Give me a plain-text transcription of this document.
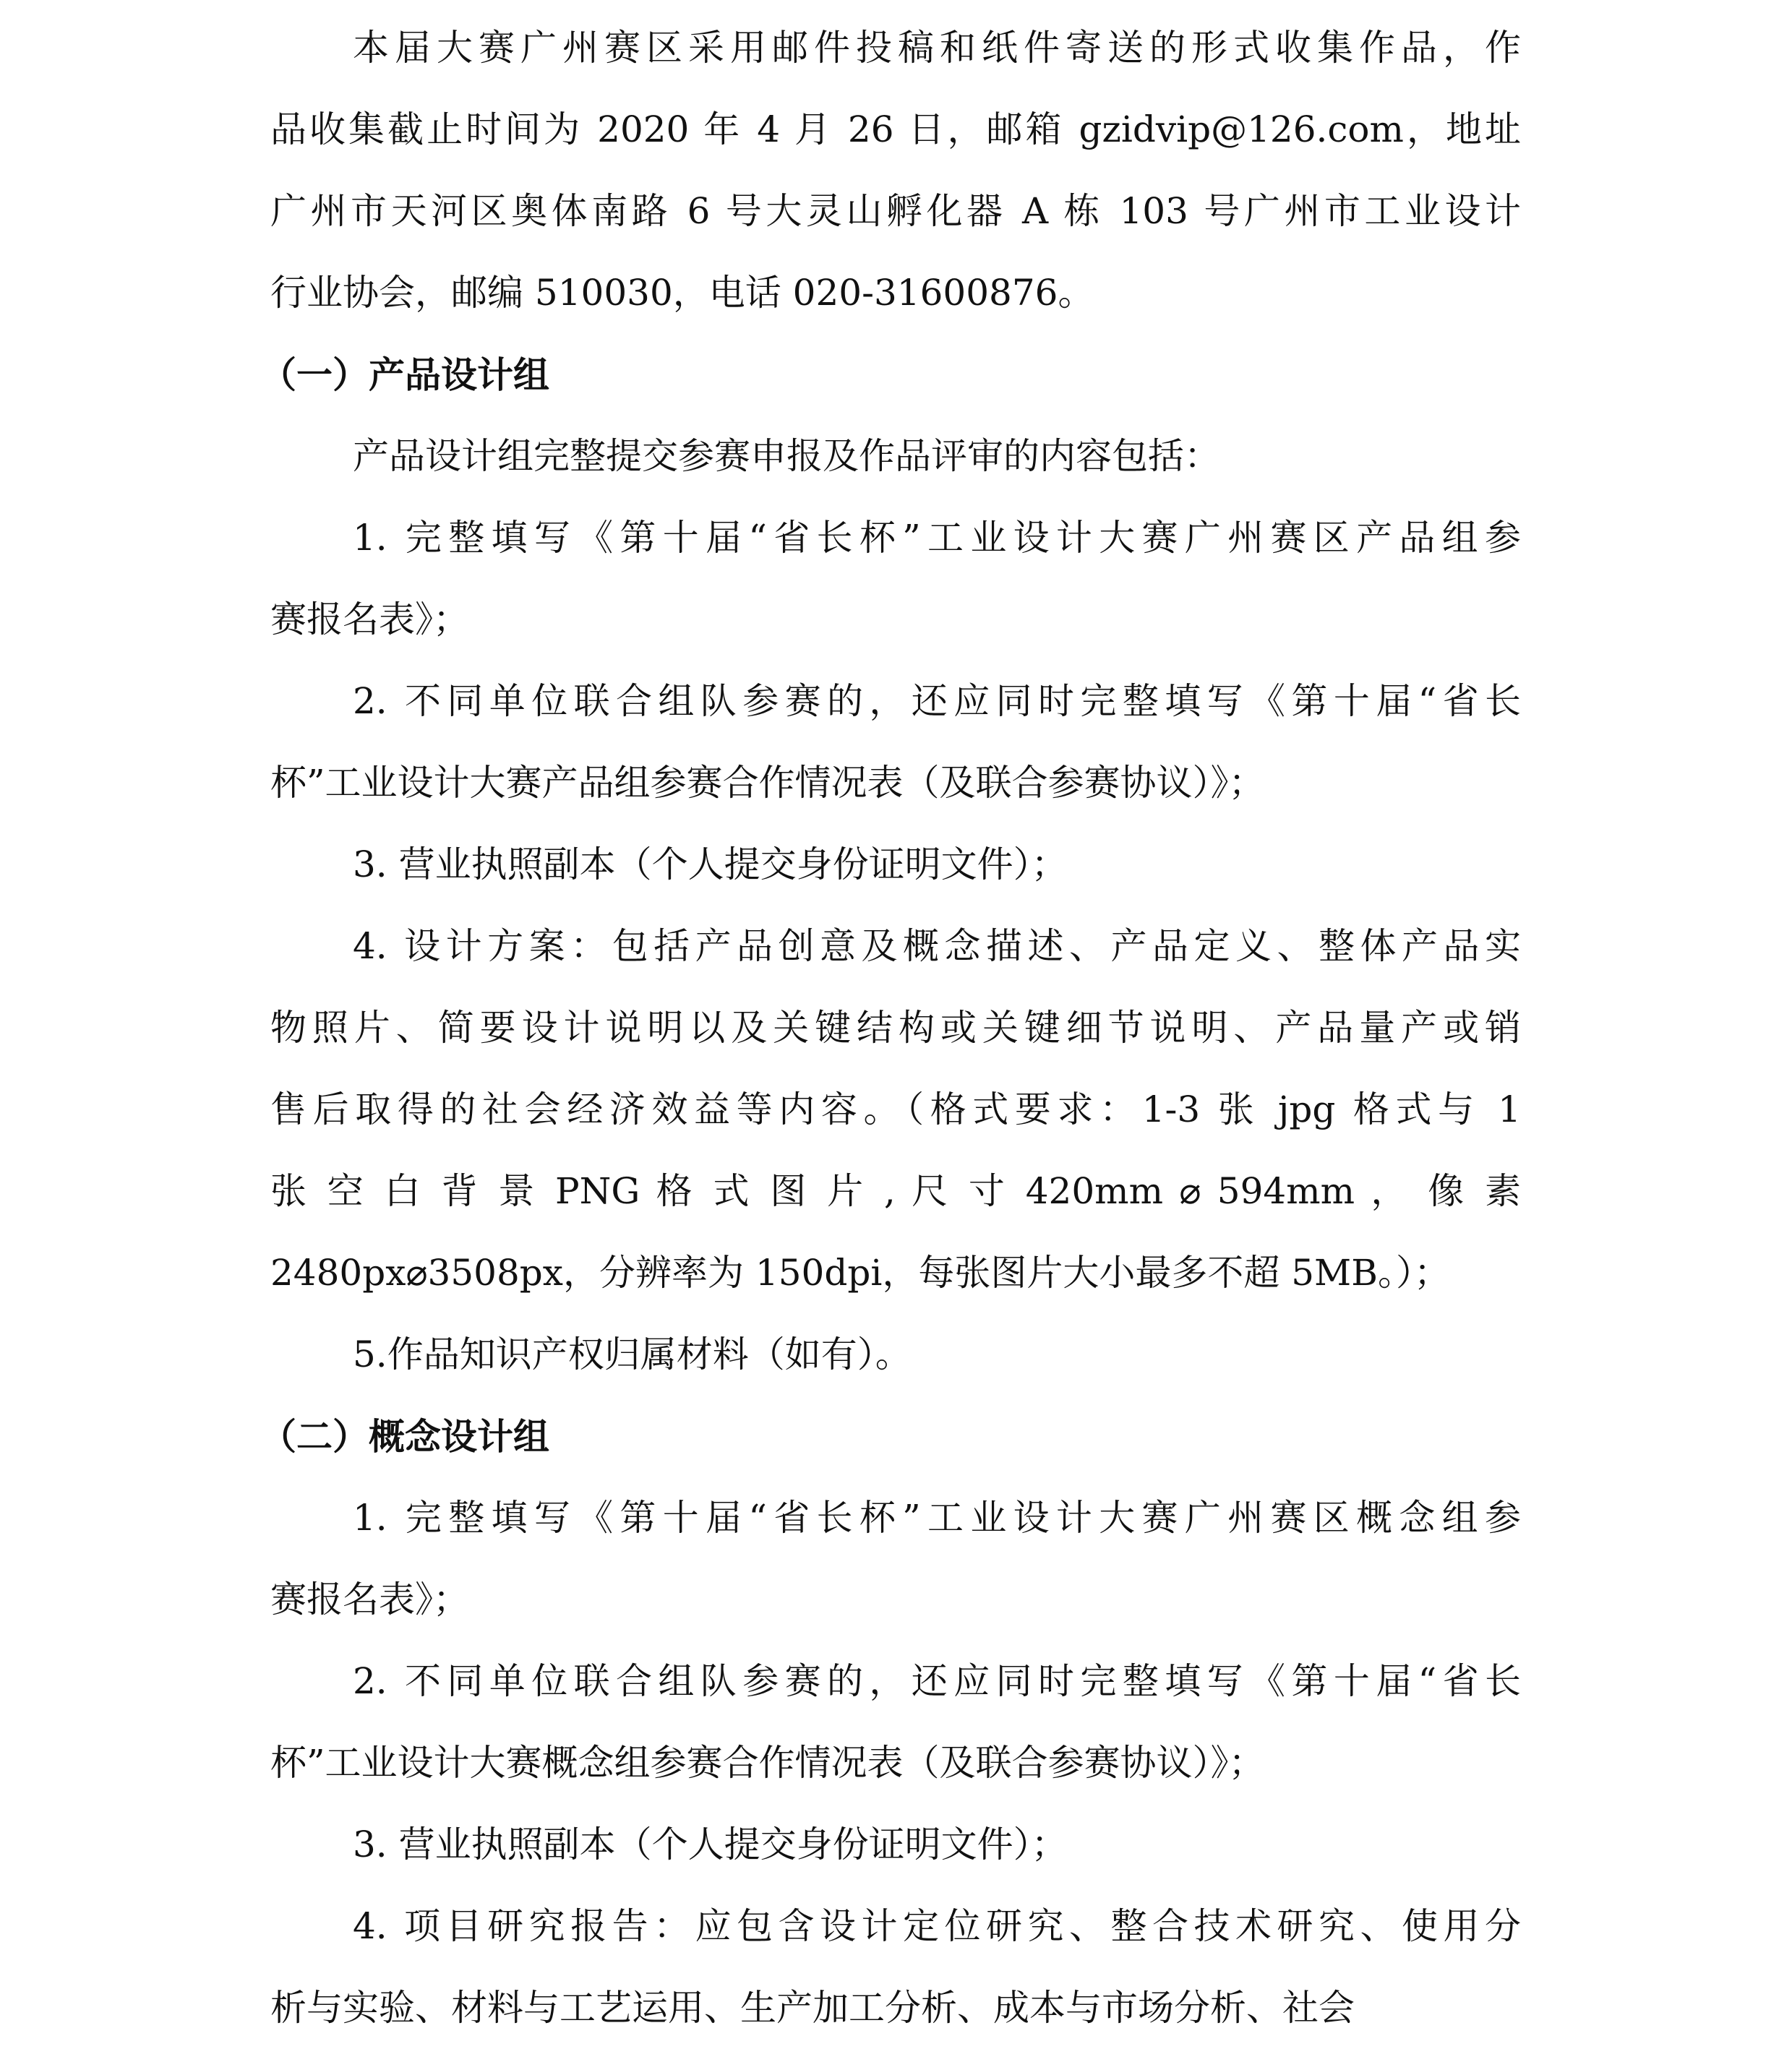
本届大赛广州赛区采用邮件投稿和纸件寄送的形式收集作品，作
品收集截止时间为 2020 年 4 月 26 日，邮箱 gzidvip@126.com，地址
广州市天河区奥体南路 6 号大灵山孵化器 A 栋 103 号广州市工业设计
行业协会，邮编 510030，电话 020-31600876。
（一）产品设计组
产品设计组完整提交参赛申报及作品评审的内容包括：
1. 完整填写《第十届“省长杯”工业设计大赛广州赛区产品组参
赛报名表》；
2. 不同单位联合组队参赛的，还应同时完整填写《第十届“省长
杯”工业设计大赛产品组参赛合作情况表（及联合参赛协议）》；
3. 营业执照副本（个人提交身份证明文件）；
4. 设计方案：包括产品创意及概念描述、产品定义、整体产品实
物照片、简要设计说明以及关键结构或关键细节说明、产品量产或销
售后取得的社会经济效益等内容。（格式要求：1-3 张 jpg 格式与 1
张 空 白 背 景 PNG 格 式 图 片 , 尺 寸 420mm ⌀ 594mm ， 像 素
2480px⌀3508px，分辨率为 150dpi，每张图片大小最多不超 5MB。）；
5.作品知识产权归属材料（如有）。
（二）概念设计组
1. 完整填写《第十届“省长杯”工业设计大赛广州赛区概念组参
赛报名表》；
2. 不同单位联合组队参赛的，还应同时完整填写《第十届“省长
杯”工业设计大赛概念组参赛合作情况表（及联合参赛协议）》；
3. 营业执照副本（个人提交身份证明文件）；
4. 项目研究报告：应包含设计定位研究、整合技术研究、使用分
析与实验、材料与工艺运用、生产加工分析、成本与市场分析、社会
